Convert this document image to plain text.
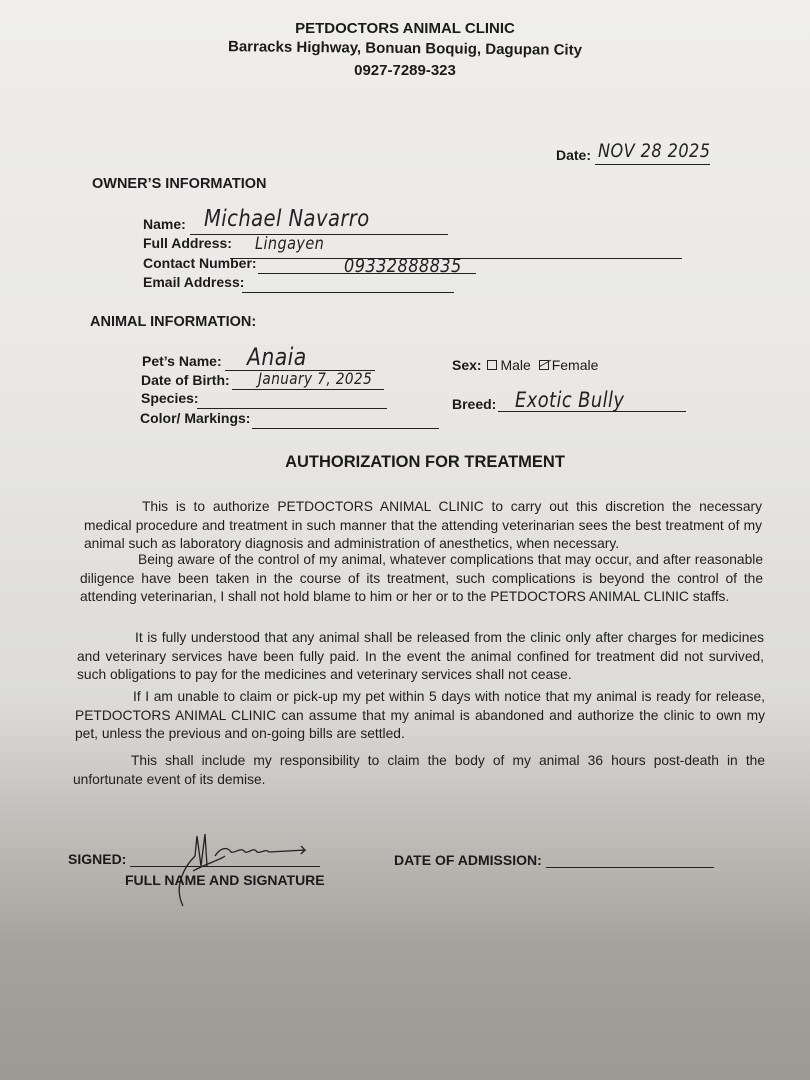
PETDOCTORS ANIMAL CLINIC
Barracks Highway, Bonuan Boquig, Dagupan City
0927-7289-323
Date: NOV 28 2025
OWNER’S INFORMATION
Name: Michael Navarro
Full Address: Lingayen
Contact Number:	09332888835
Email Address:
ANIMAL INFORMATION:
Pet’s Name: Anaia
Date of Birth: January 7, 2025
Species:
Color/ Markings:
Sex: Male Female
Breed: Exotic Bully
AUTHORIZATION FOR TREATMENT

This is to authorize PETDOCTORS ANIMAL CLINIC to carry out this discretion the necessary medical procedure and treatment in such manner that the attending veterinarian sees the best treatment of my animal such as laboratory diagnosis and administration of anesthetics, when necessary.

Being aware of the control of my animal, whatever complications that may occur, and after reasonable diligence have been taken in the course of its treatment, such complications is beyond the control of the attending veterinarian, I shall not hold blame to him or her or to the PETDOCTORS ANIMAL CLINIC staffs.

It is fully understood that any animal shall be released from the clinic only after charges for medicines and veterinary services have been fully paid. In the event the animal confined for treatment did not survived, such obligations to pay for the medicines and veterinary services shall not cease.

If I am unable to claim or pick-up my pet within 5 days with notice that my animal is ready for release, PETDOCTORS ANIMAL CLINIC can assume that my animal is abandoned and authorize the clinic to own my pet, unless the previous and on-going bills are settled.

This shall include my responsibility to claim the body of my animal 36 hours post-death in the unfortunate event of its demise.

SIGNED:
FULL NAME AND SIGNATURE
DATE OF ADMISSION:
